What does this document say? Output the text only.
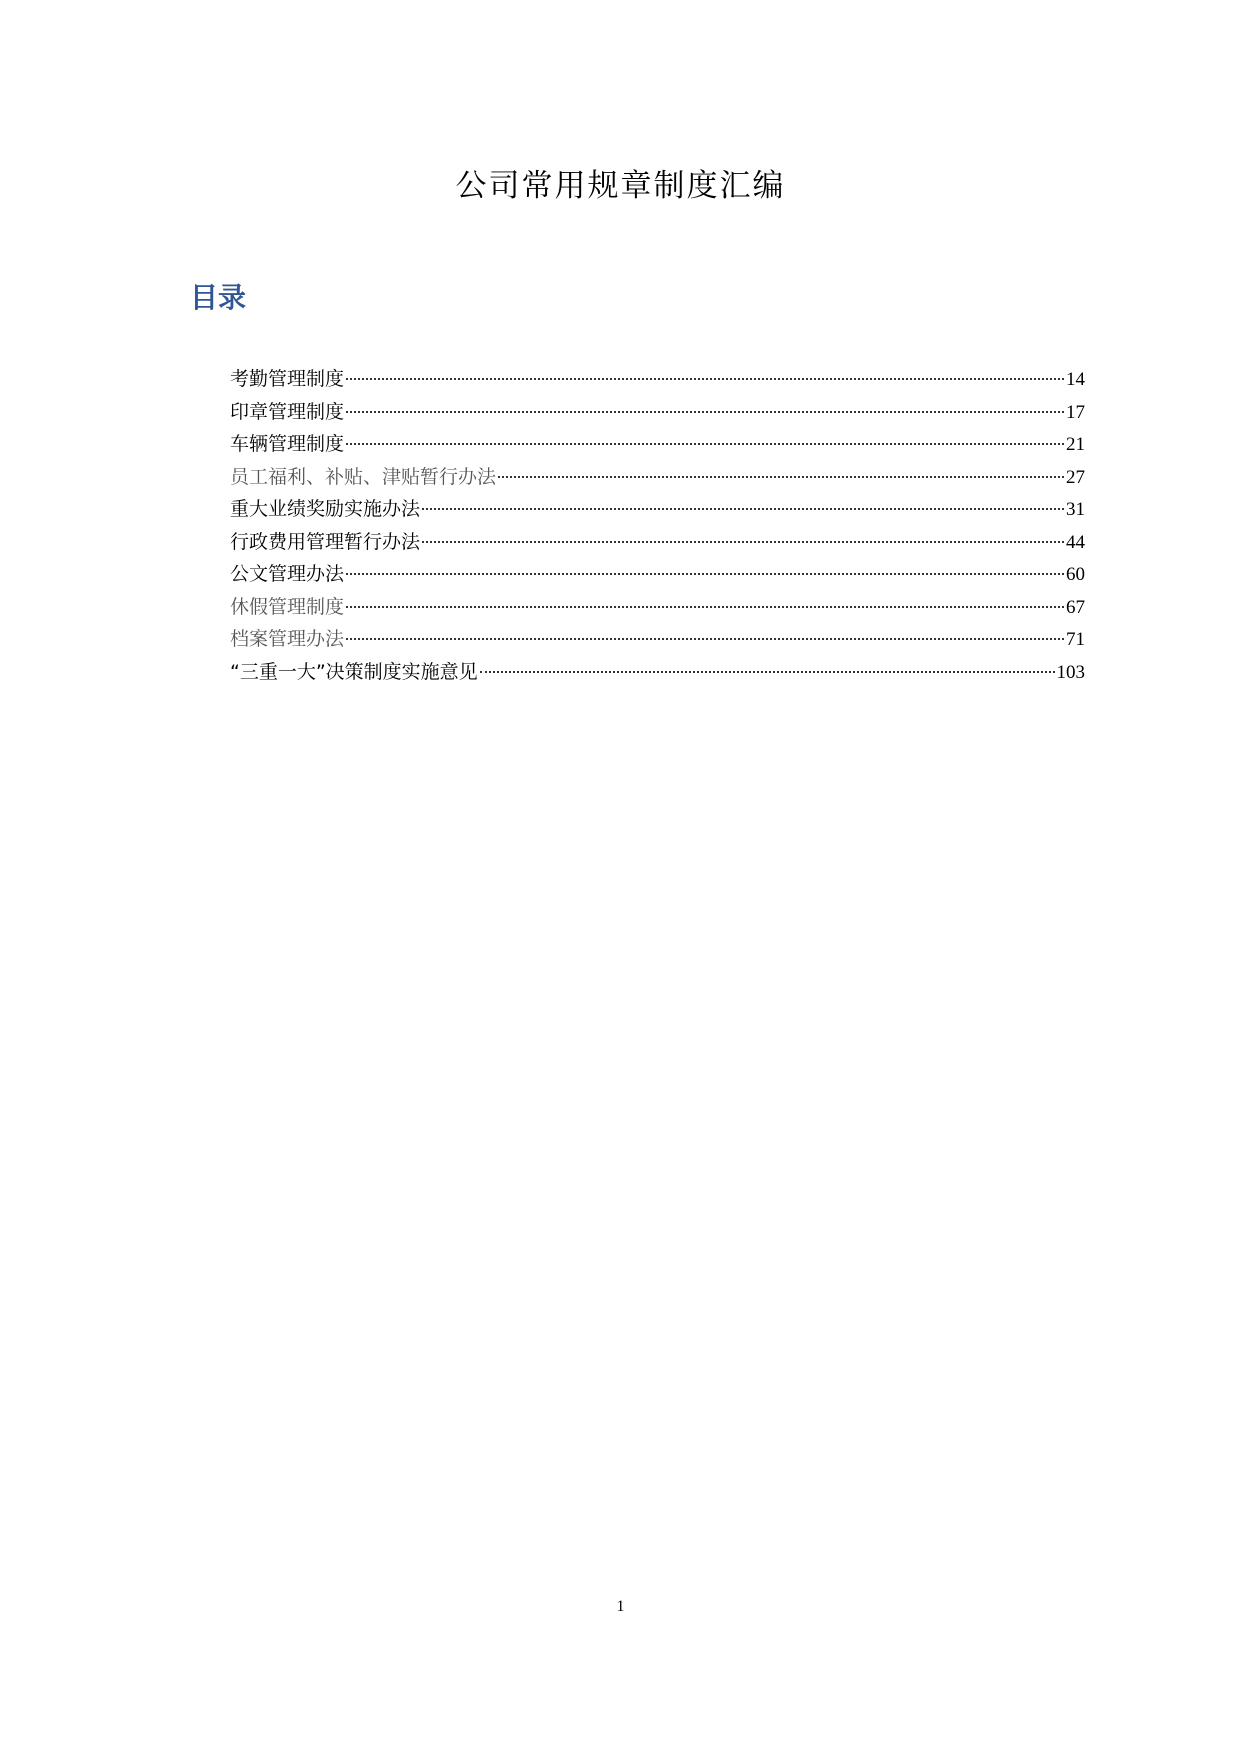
公司常用规章制度汇编
目录
考勤管理制度	14
印章管理制度	17
车辆管理制度	21
员工福利、补贴、津贴暂行办法	27
重大业绩奖励实施办法	31
行政费用管理暂行办法	44
公文管理办法	60
休假管理制度	67
档案管理办法	71
“三重一大”决策制度实施意见	103
1
